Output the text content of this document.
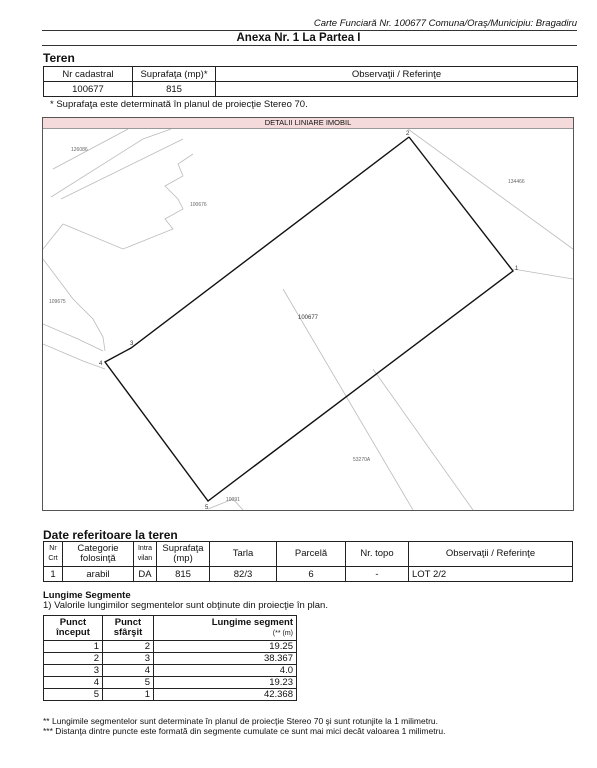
Carte Funciară Nr. 100677 Comuna/Oraş/Municipiu: Bragadiru
Anexa Nr. 1 La Partea I
Teren
Nr cadastral	Suprafaţa (mp)*	Observaţii / Referinţe
100677	815	
* Suprafaţa este determinată în planul de proiecţie Stereo 70.
DETALII LINIARE IMOBIL
126086
100676
134466
109675
53270A
10091
100677
1
2
3
4
5
Date referitoare la teren
Nr Crt	Categorie folosinţă	Intra vilan	Suprafaţa (mp)	Tarla	Parcelă	Nr. topo	Observaţii / Referinţe
1	arabil	DA	815	82/3	6	-	LOT 2/2
Lungime Segmente
1) Valorile lungimilor segmentelor sunt obţinute din proiecţie în plan.
Punct început	Punct sfârşit	Lungime segment
(** (m)
1	2	19.25
2	3	38.367
3	4	4.0
4	5	19.23
5	1	42.368
** Lungimile segmentelor sunt determinate în planul de proiecţie Stereo 70 şi sunt rotunjite la 1 milimetru.
*** Distanţa dintre puncte este formată din segmente cumulate ce sunt mai mici decât valoarea 1 milimetru.
